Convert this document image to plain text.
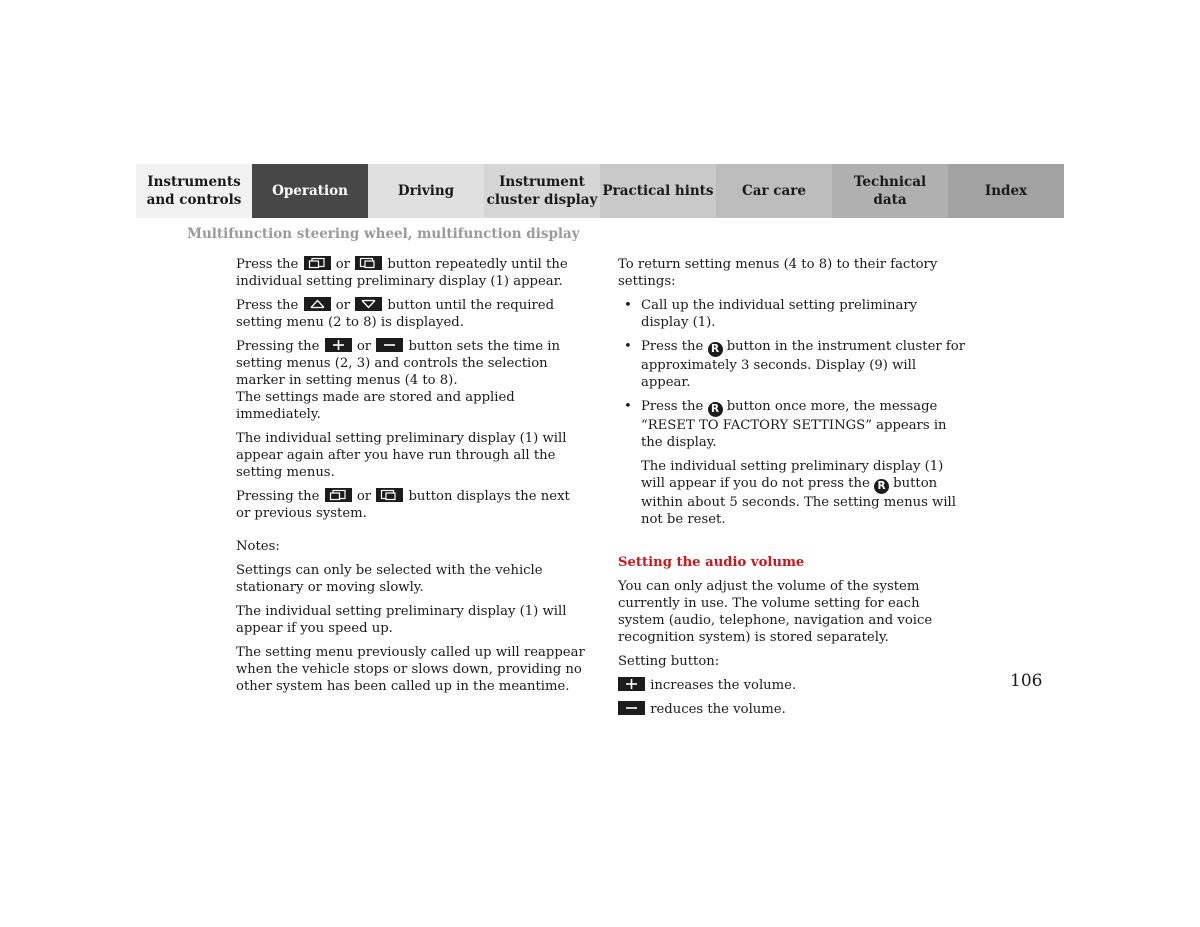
Instruments
and controls
Operation	Driving
Instrument
cluster display
Practical hints Car care
Technical
data
Index
Multifunction steering wheel, multifunction display

Press the
or
button repeatedly until the individual setting preliminary display (1) appear.

Press the
or
button until the required setting menu (2 to 8) is displayed.

Pressing the
or
button sets the time in setting menus (2, 3) and controls the selection marker in setting menus (4 to 8).
The settings made are stored and applied immediately.

The individual setting preliminary display (1) will appear again after you have run through all the setting menus.

Pressing the
or
button displays the next or previous system.

Notes:

Settings can only be selected with the vehicle stationary or moving slowly.

The individual setting preliminary display (1) will appear if you speed up.

The setting menu previously called up will reappear when the vehicle stops or slows down, providing no other system has been called up in the meantime.

To return setting menus (4 to 8) to their factory settings:

• Call up the individual setting preliminary display (1).
• Press the R button in the instrument cluster for approximately 3 seconds. Display (9) will appear.
• Press the R button once more, the message “RESET TO FACTORY SETTINGS” appears in the display.

The individual setting preliminary display (1) will appear if you do not press the R button within about 5 seconds. The setting menus will not be reset.

Setting the audio volume

You can only adjust the volume of the system currently in use. The volume setting for each system (audio, telephone, navigation and voice recognition system) is stored separately.

Setting button:

increases the volume.

reduces the volume.

106
